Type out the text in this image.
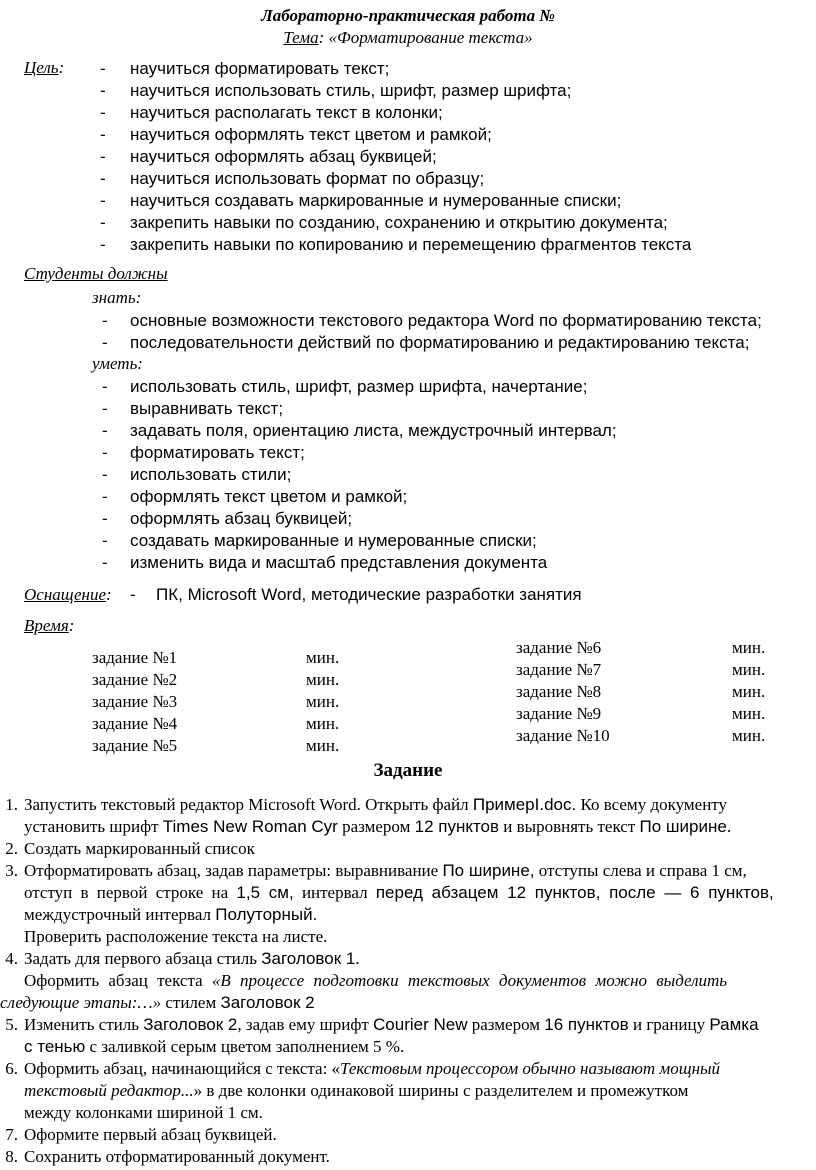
Лабораторно-практическая работа №
Тема: «Форматирование текста»
Цель: - научиться форматировать текст;
- научиться использовать стиль, шрифт, размер шрифта;
- научиться располагать текст в колонки;
- научиться оформлять текст цветом и рамкой;
- научиться оформлять абзац буквицей;
- научиться использовать формат по образцу;
- научиться создавать маркированные и нумерованные списки;
- закрепить навыки по созданию, сохранению и открытию документа;
- закрепить навыки по копированию и перемещению фрагментов текста
Студенты должны
знать:
- основные возможности текстового редактора Word по форматированию текста;
- последовательности действий по форматированию и редактированию текста;
уметь:
- использовать стиль, шрифт, размер шрифта, начертание;
- выравнивать текст;
- задавать поля, ориентацию листа, междустрочный интервал;
- форматировать текст;
- использовать стили;
- оформлять текст цветом и рамкой;
- оформлять абзац буквицей;
- создавать маркированные и нумерованные списки;
- изменить вида и масштаб представления документа
Оснащение: - ПК, Microsoft Word, методические разработки занятия
Время:
задание №1	мин.
задание №2	мин.
задание №3	мин.
задание №4	мин.
задание №5	мин.
задание №6	мин.
задание №7	мин.
задание №8	мин.
задание №9	мин.
задание №10	мин.
Задание
1. Запустить текстовый редактор Microsoft Word. Открыть файл ПримерI.doc. Ко всему документу
установить шрифт Times New Roman Cyr размером 12 пунктов и выровнять текст По ширине.
2. Создать маркированный список
3. Отформатировать абзац, задав параметры: выравнивание По ширине, отступы слева и справа 1 см,
отступ в первой строке на 1,5 см, интервал перед абзацем 12 пунктов, после — 6 пунктов,
междустрочный интервал Полуторный.
Проверить расположение текста на листе.
4. Задать для первого абзаца стиль Заголовок 1.
Оформить абзац текста «В процессе подготовки текстовых документов можно выделить
следующие этапы:…» стилем Заголовок 2
5. Изменить стиль Заголовок 2, задав ему шрифт Courier New размером 16 пунктов и границу Рамка
с тенью с заливкой серым цветом заполнением 5 %.
6. Оформить абзац, начинающийся с текста: «Текстовым процессором обычно называют мощный
текстовый редактор...» в две колонки одинаковой ширины с разделителем и промежутком
между колонками шириной 1 см.
7. Оформите первый абзац буквицей.
8. Сохранить отформатированный документ.
